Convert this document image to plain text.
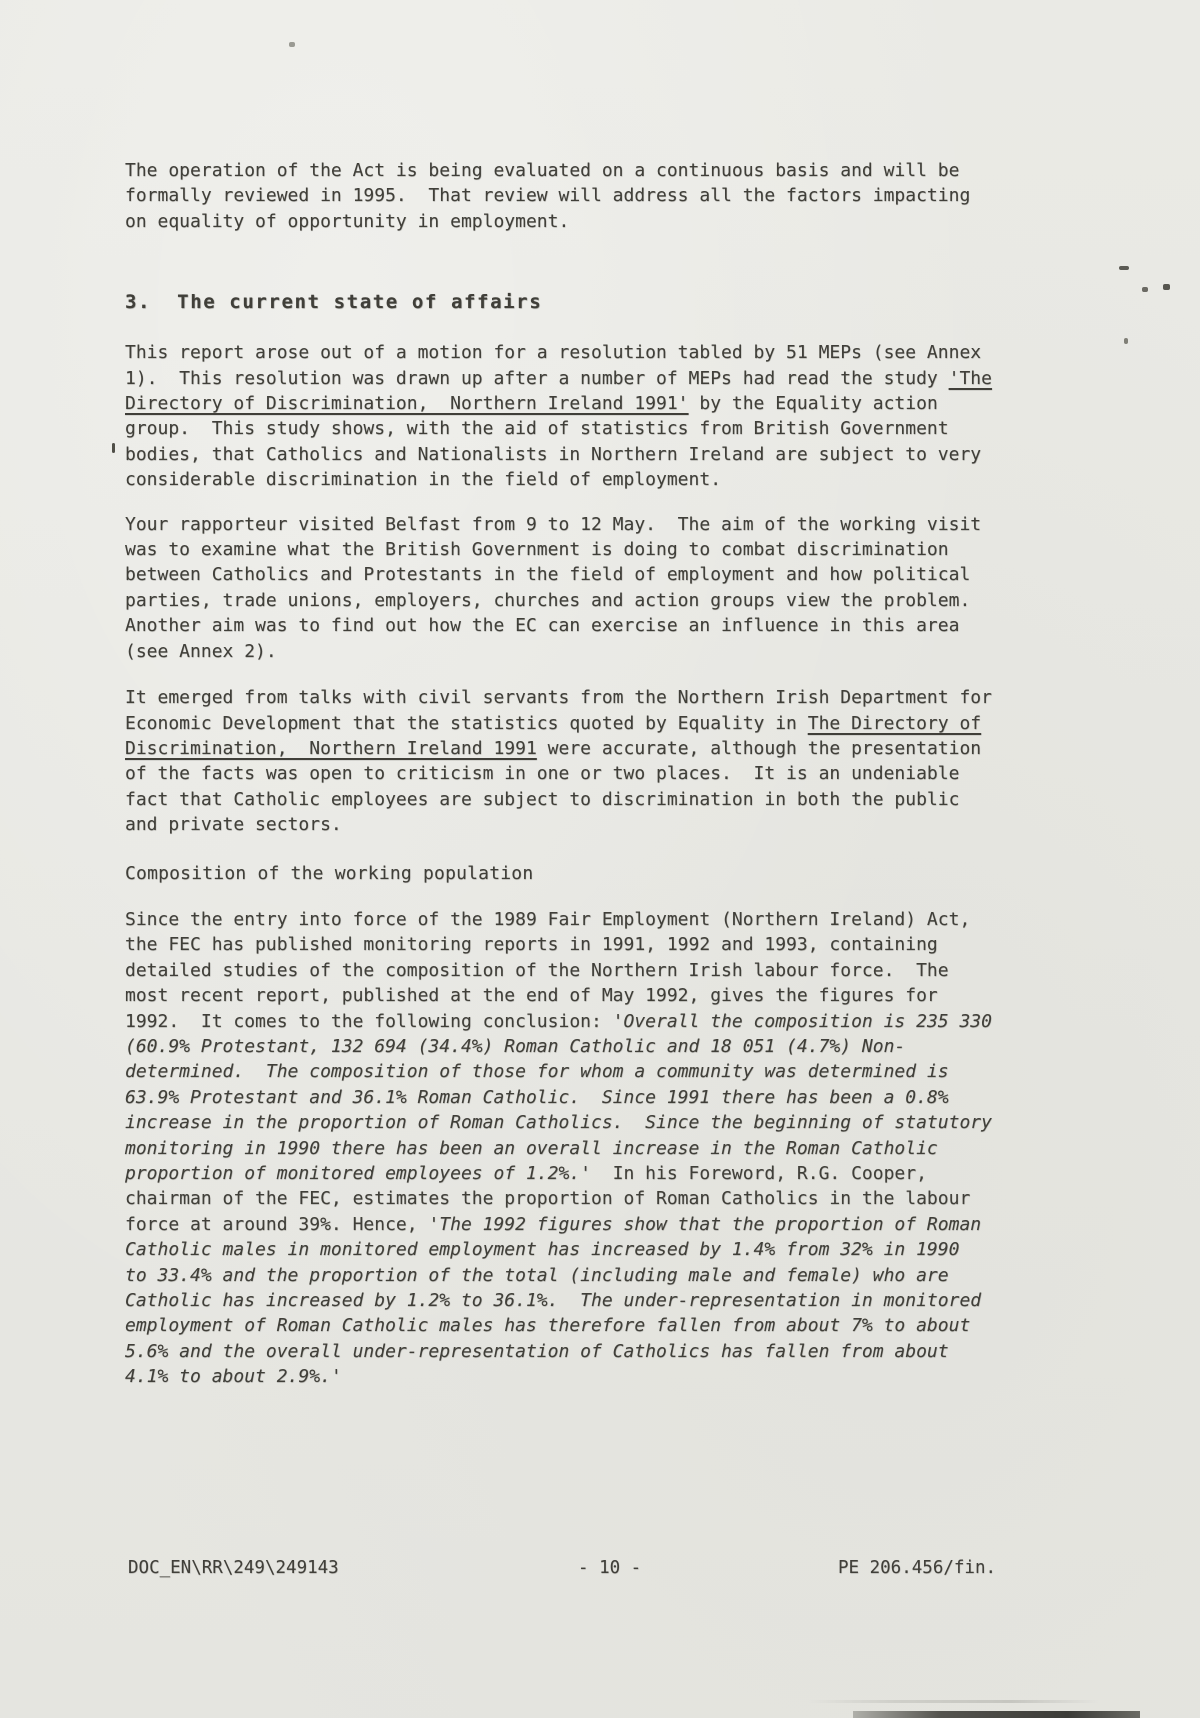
The operation of the Act is being evaluated on a continuous basis and will be
formally reviewed in 1995.  That review will address all the factors impacting
on equality of opportunity in employment.
3.  The current state of affairs
This report arose out of a motion for a resolution tabled by 51 MEPs (see Annex
1).  This resolution was drawn up after a number of MEPs had read the study 'The
Directory of Discrimination,  Northern Ireland 1991' by the Equality action
group.  This study shows, with the aid of statistics from British Government
bodies, that Catholics and Nationalists in Northern Ireland are subject to very
considerable discrimination in the field of employment.
Your rapporteur visited Belfast from 9 to 12 May.  The aim of the working visit
was to examine what the British Government is doing to combat discrimination
between Catholics and Protestants in the field of employment and how political
parties, trade unions, employers, churches and action groups view the problem.
Another aim was to find out how the EC can exercise an influence in this area
(see Annex 2).
It emerged from talks with civil servants from the Northern Irish Department for
Economic Development that the statistics quoted by Equality in The Directory of
Discrimination,  Northern Ireland 1991 were accurate, although the presentation
of the facts was open to criticism in one or two places.  It is an undeniable
fact that Catholic employees are subject to discrimination in both the public
and private sectors.
Composition of the working population
Since the entry into force of the 1989 Fair Employment (Northern Ireland) Act,
the FEC has published monitoring reports in 1991, 1992 and 1993, containing
detailed studies of the composition of the Northern Irish labour force.  The
most recent report, published at the end of May 1992, gives the figures for
1992.  It comes to the following conclusion: 'Overall the composition is 235 330
(60.9% Protestant, 132 694 (34.4%) Roman Catholic and 18 051 (4.7%) Non-
determined.  The composition of those for whom a community was determined is
63.9% Protestant and 36.1% Roman Catholic.  Since 1991 there has been a 0.8%
increase in the proportion of Roman Catholics.  Since the beginning of statutory
monitoring in 1990 there has been an overall increase in the Roman Catholic
proportion of monitored employees of 1.2%.'  In his Foreword, R.G. Cooper,
chairman of the FEC, estimates the proportion of Roman Catholics in the labour
force at around 39%. Hence, 'The 1992 figures show that the proportion of Roman
Catholic males in monitored employment has increased by 1.4% from 32% in 1990
to 33.4% and the proportion of the total (including male and female) who are
Catholic has increased by 1.2% to 36.1%.  The under-representation in monitored
employment of Roman Catholic males has therefore fallen from about 7% to about
5.6% and the overall under-representation of Catholics has fallen from about
4.1% to about 2.9%.'
DOC_EN\RR\249\249143	- 10 -	PE 206.456/fin.
